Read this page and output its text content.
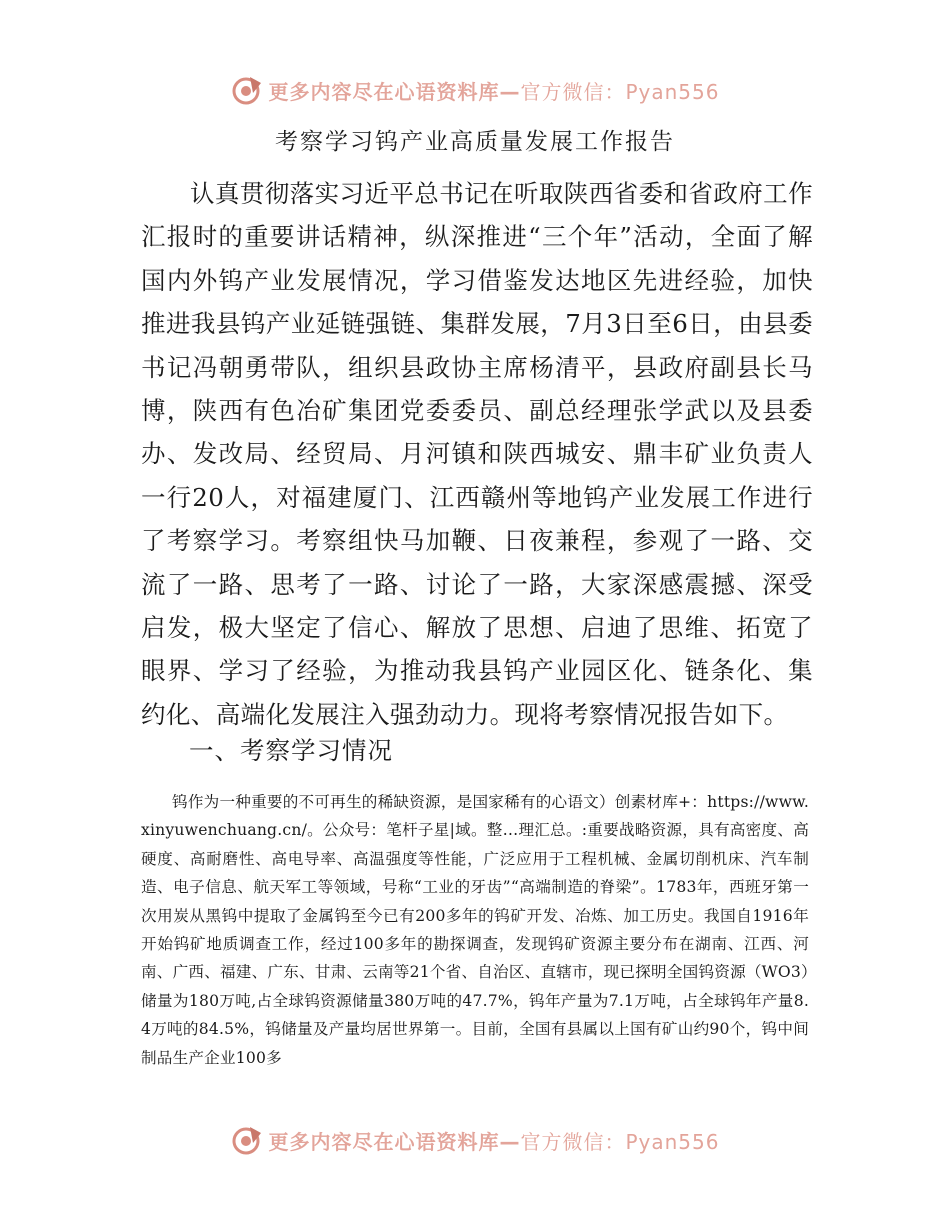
更多内容尽在心语资料库—官方微信：Pyan556
考察学习钨产业高质量发展工作报告

认真贯彻落实习近平总书记在听取陕西省委和省政府工作汇报时的重要讲话精神，纵深推进“三个年”活动，全面了解国内外钨产业发展情况，学习借鉴发达地区先进经验，加快推进我县钨产业延链强链、集群发展，7月3日至6日，由县委书记冯朝勇带队，组织县政协主席杨清平，县政府副县长马博，陕西有色冶矿集团党委委员、副总经理张学武以及县委办、发改局、经贸局、月河镇和陕西城安、鼎丰矿业负责人一行20人，对福建厦门、江西赣州等地钨产业发展工作进行了考察学习。考察组快马加鞭、日夜兼程，参观了一路、交流了一路、思考了一路、讨论了一路，大家深感震撼、深受启发，极大坚定了信心、解放了思想、启迪了思维、拓宽了眼界、学习了经验，为推动我县钨产业园区化、链条化、集约化、高端化发展注入强劲动力。现将考察情况报告如下。

一、考察学习情况

钨作为一种重要的不可再生的稀缺资源，是国家稀有的心语文）创素材库+：https://www.xinyuwenchuang.cn/。公众号：笔杆子星|域。整…理汇总。:重要战略资源，具有高密度、高硬度、高耐磨性、高电导率、高温强度等性能，广泛应用于工程机械、金属切削机床、汽车制造、电子信息、航天军工等领域，号称“工业的牙齿”“高端制造的脊梁”。1783年，西班牙第一次用炭从黑钨中提取了金属钨至今已有200多年的钨矿开发、冶炼、加工历史。我国自1916年开始钨矿地质调查工作，经过100多年的勘探调查，发现钨矿资源主要分布在湖南、江西、河南、广西、福建、广东、甘肃、云南等21个省、自治区、直辖市，现已探明全国钨资源（WO3）储量为180万吨,占全球钨资源储量380万吨的47.7%，钨年产量为7.1万吨，占全球钨年产量8.4万吨的84.5%，钨储量及产量均居世界第一。目前，全国有县属以上国有矿山约90个，钨中间制品生产企业100多

更多内容尽在心语资料库—官方微信：Pyan556
